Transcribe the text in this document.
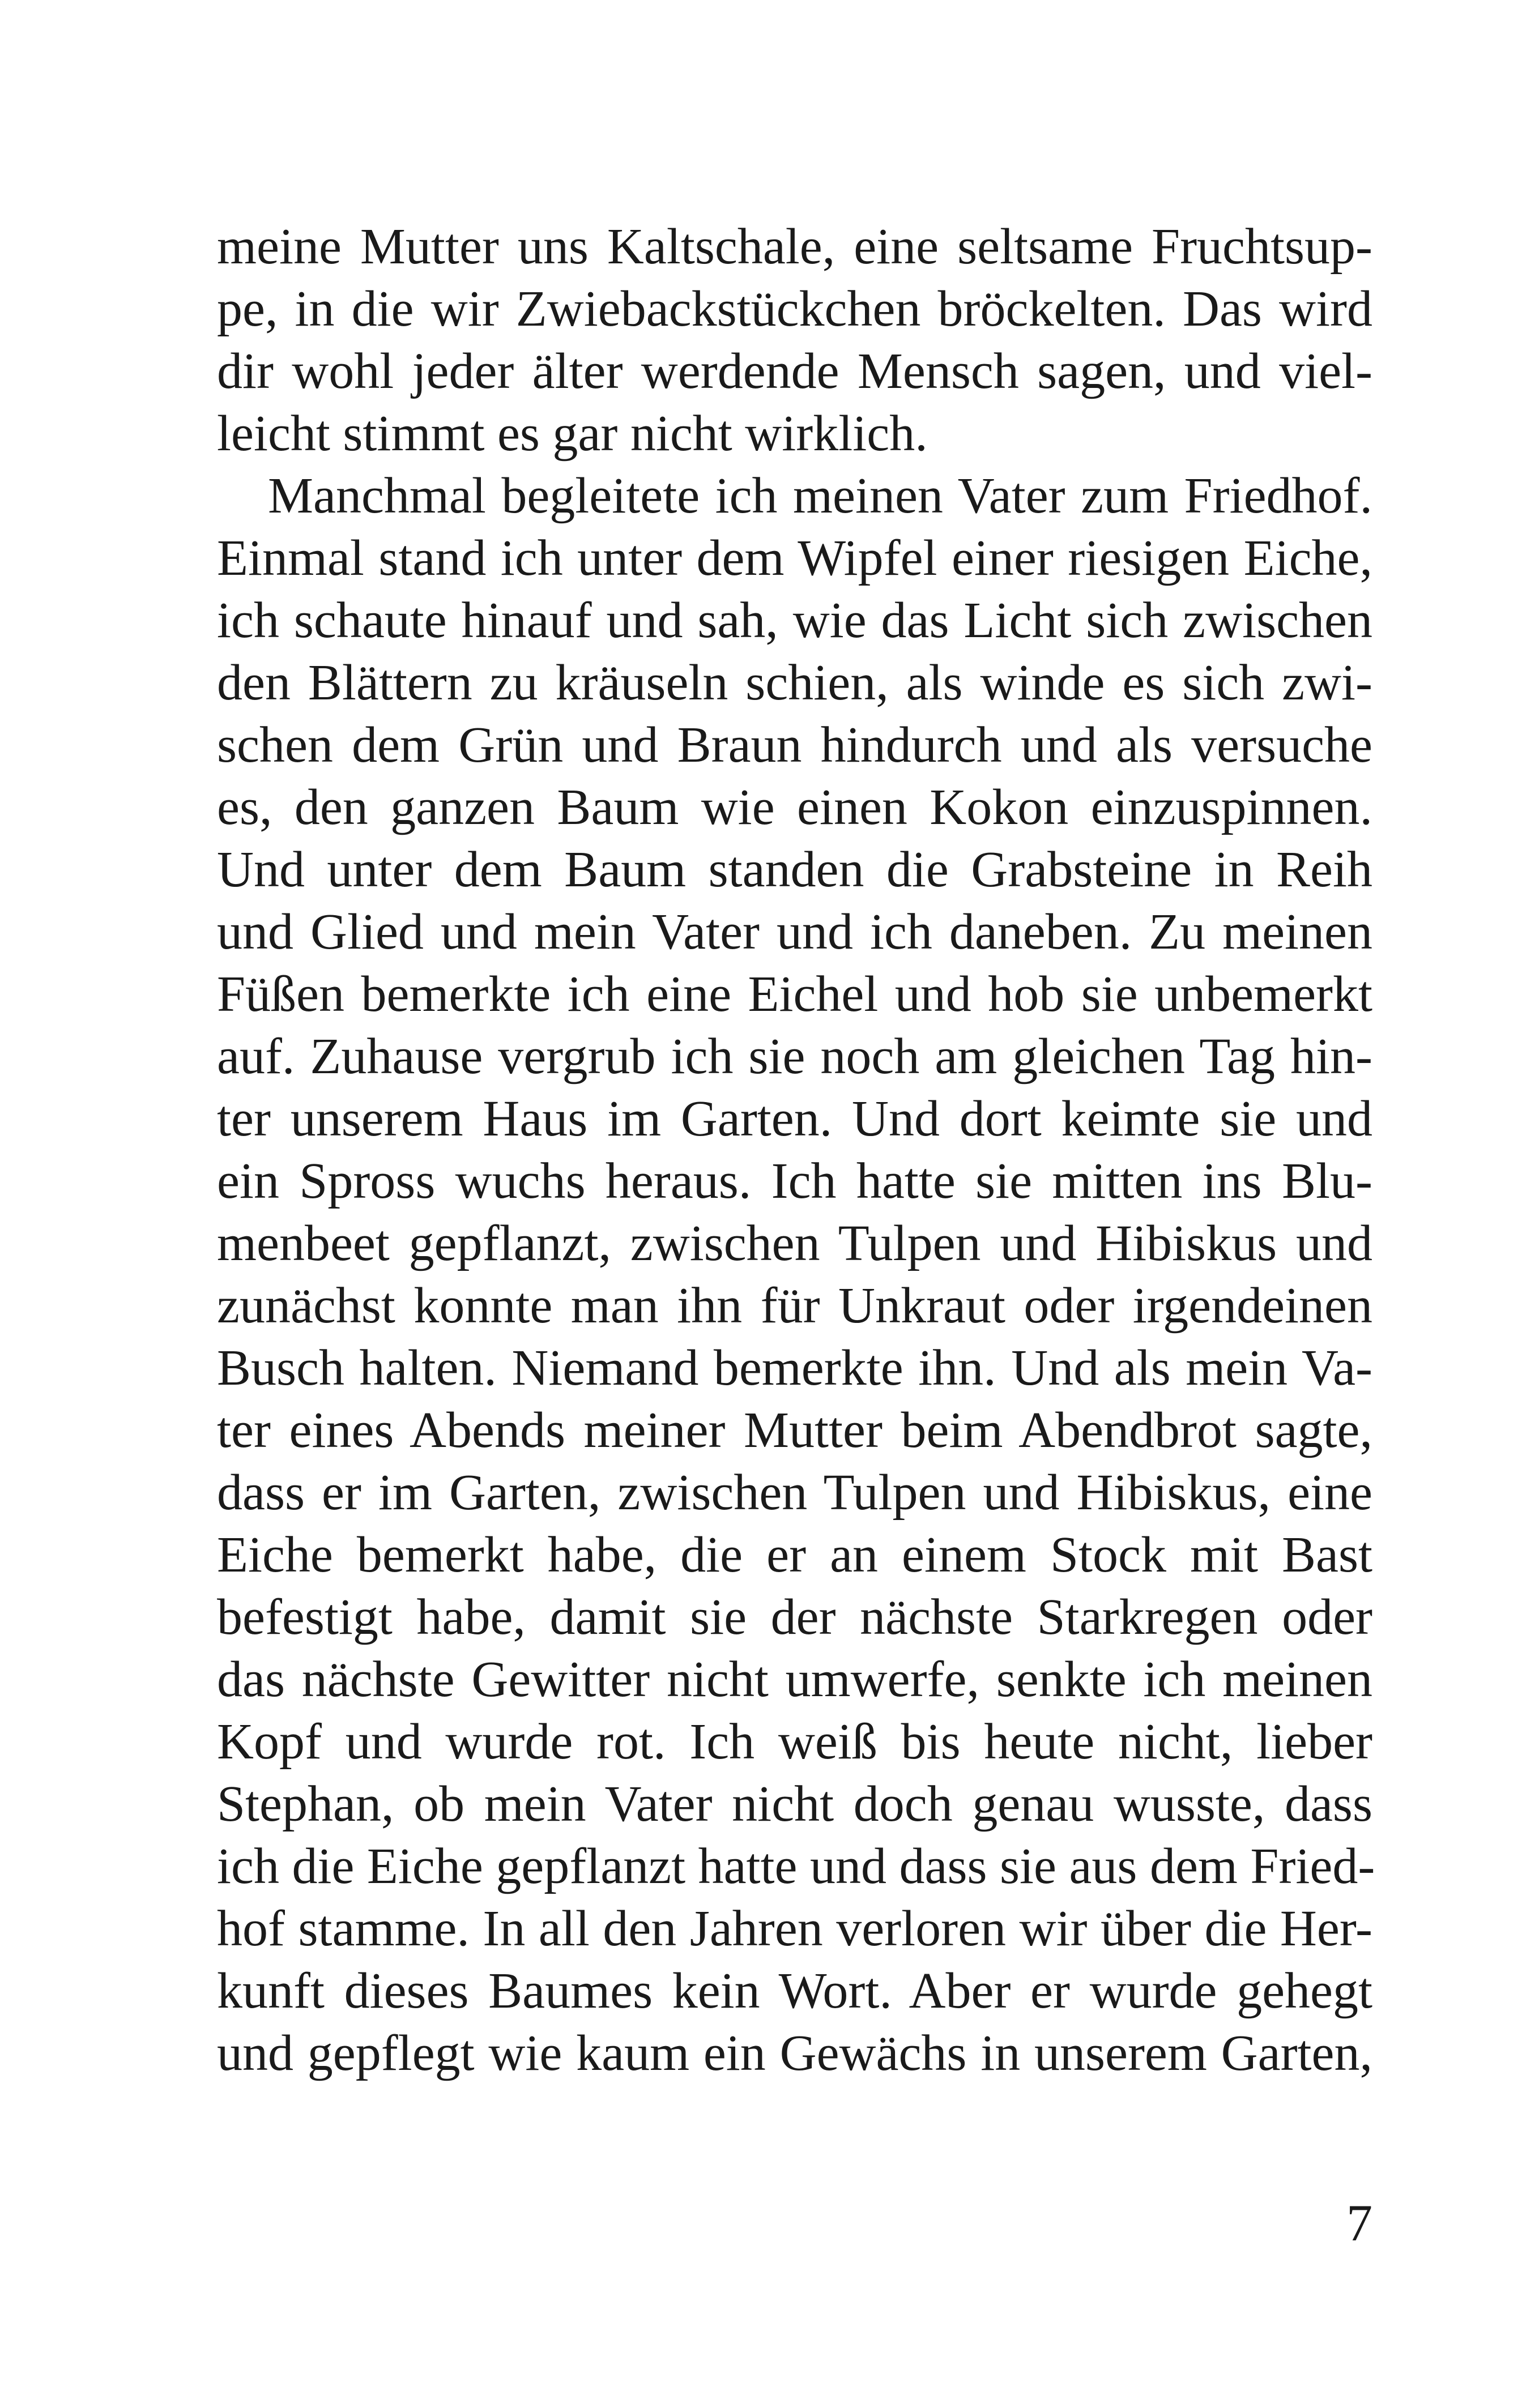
meine Mutter uns Kaltschale, eine seltsame Fruchtsup-
pe, in die wir Zwiebackstückchen bröckelten. Das wird
dir wohl jeder älter werdende Mensch sagen, und viel-
leicht stimmt es gar nicht wirklich.
Manchmal begleitete ich meinen Vater zum Friedhof.
Einmal stand ich unter dem Wipfel einer riesigen Eiche,
ich schaute hinauf und sah, wie das Licht sich zwischen
den Blättern zu kräuseln schien, als winde es sich zwi-
schen dem Grün und Braun hindurch und als versuche
es, den ganzen Baum wie einen Kokon einzuspinnen.
Und unter dem Baum standen die Grabsteine in Reih
und Glied und mein Vater und ich daneben. Zu meinen
Füßen bemerkte ich eine Eichel und hob sie unbemerkt
auf. Zuhause vergrub ich sie noch am gleichen Tag hin-
ter unserem Haus im Garten. Und dort keimte sie und
ein Spross wuchs heraus. Ich hatte sie mitten ins Blu-
menbeet gepflanzt, zwischen Tulpen und Hibiskus und
zunächst konnte man ihn für Unkraut oder irgendeinen
Busch halten. Niemand bemerkte ihn. Und als mein Va-
ter eines Abends meiner Mutter beim Abendbrot sagte,
dass er im Garten, zwischen Tulpen und Hibiskus, eine
Eiche bemerkt habe, die er an einem Stock mit Bast
befestigt habe, damit sie der nächste Starkregen oder
das nächste Gewitter nicht umwerfe, senkte ich meinen
Kopf und wurde rot. Ich weiß bis heute nicht, lieber
Stephan, ob mein Vater nicht doch genau wusste, dass
ich die Eiche gepflanzt hatte und dass sie aus dem Fried-
hof stamme. In all den Jahren verloren wir über die Her-
kunft dieses Baumes kein Wort. Aber er wurde gehegt
und gepflegt wie kaum ein Gewächs in unserem Garten,
7
